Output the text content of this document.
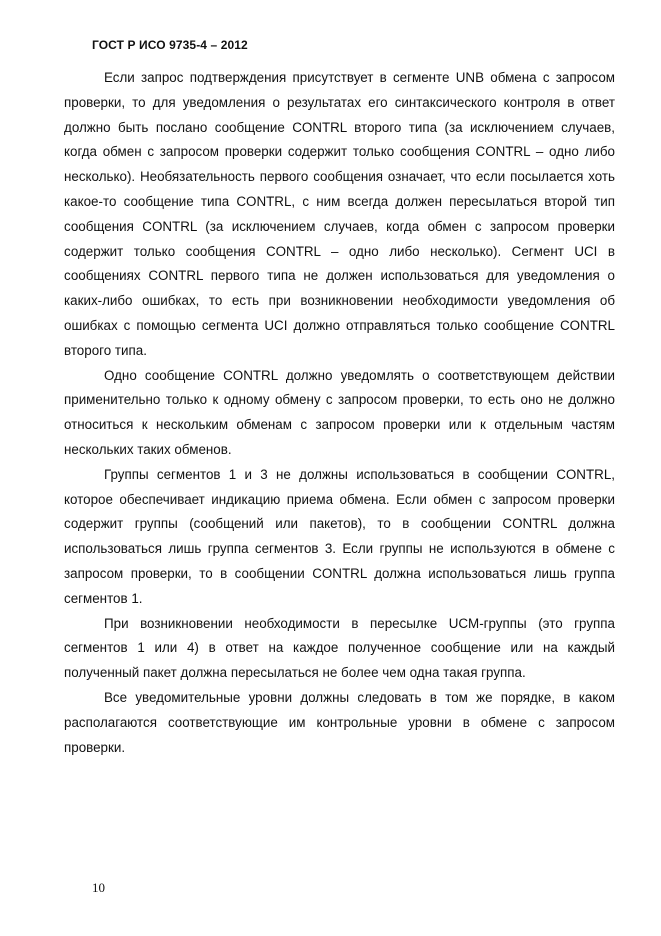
ГОСТ Р ИСО 9735-4 – 2012

Если запрос подтверждения присутствует в сегменте UNB обмена с запросом проверки, то для уведомления о результатах его синтаксического контроля в ответ должно быть послано сообщение CONTRL второго типа (за исключением случаев, когда обмен с запросом проверки содержит только сообщения CONTRL – одно либо несколько). Необязательность первого сообщения означает, что если посылается хоть какое-то сообщение типа CONTRL, с ним всегда должен пересылаться второй тип сообщения CONTRL (за исключением случаев, когда обмен с запросом проверки содержит только сообщения CONTRL – одно либо несколько). Сегмент UCI в сообщениях CONTRL первого типа не должен использоваться для уведомления о каких-либо ошибках, то есть при возникновении необходимости уведомления об ошибках с помощью сегмента UCI должно отправляться только сообщение CONTRL второго типа.

Одно сообщение CONTRL должно уведомлять о соответствующем действии применительно только к одному обмену с запросом проверки, то есть оно не должно относиться к нескольким обменам с запросом проверки или к отдельным частям нескольких таких обменов.

Группы сегментов 1 и 3 не должны использоваться в сообщении CONTRL, которое обеспечивает индикацию приема обмена. Если обмен с запросом проверки содержит группы (сообщений или пакетов), то в сообщении CONTRL должна использоваться лишь группа сегментов 3. Если группы не используются в обмене с запросом проверки, то в сообщении CONTRL должна использоваться лишь группа сегментов 1.

При возникновении необходимости в пересылке UCM-группы (это группа сегментов 1 или 4) в ответ на каждое полученное сообщение или на каждый полученный пакет должна пересылаться не более чем одна такая группа.

Все уведомительные уровни должны следовать в том же порядке, в каком располагаются соответствующие им контрольные уровни в обмене с запросом проверки.

10
